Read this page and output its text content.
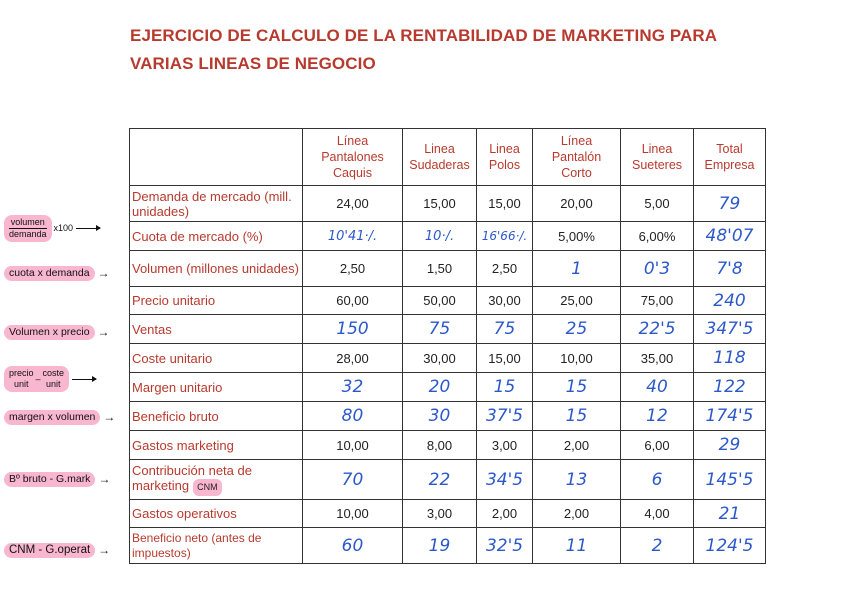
EJERCICIO DE CALCULO DE LA RENTABILIDAD DE MARKETING PARA VARIAS LINEAS DE NEGOCIO
	Línea Pantalones Caquis	Linea Sudaderas	Linea Polos	Línea Pantalón Corto	Linea Sueteres	Total Empresa
Demanda de mercado (mill. unidades)	24,00	15,00	15,00	20,00	5,00	79
Cuota de mercado (%)	10'41·/.	10·/.	16'66·/.	5,00%	6,00%	48'07
Volumen (millones unidades)	2,50	1,50	2,50	1	0'3	7'8
Precio unitario	60,00	50,00	30,00	25,00	75,00	240
Ventas	150	75	75	25	22'5	347'5
Coste unitario	28,00	30,00	15,00	10,00	35,00	118
Margen unitario	32	20	15	15	40	122
Beneficio bruto	80	30	37'5	15	12	174'5
Gastos marketing	10,00	8,00	3,00	2,00	6,00	29
Contribución neta de marketing CNM	70	22	34'5	13	6	145'5
Gastos operativos	10,00	3,00	2,00	2,00	4,00	21
Beneficio neto (antes de impuestos)	60	19	32'5	11	2	124'5
volumen
demanda
x100
cuota x demanda →
Volumen x precio →
precio
unit
–
coste
unit
margen x volumen →
Bº bruto - G.mark →
CNM - G.operat →
